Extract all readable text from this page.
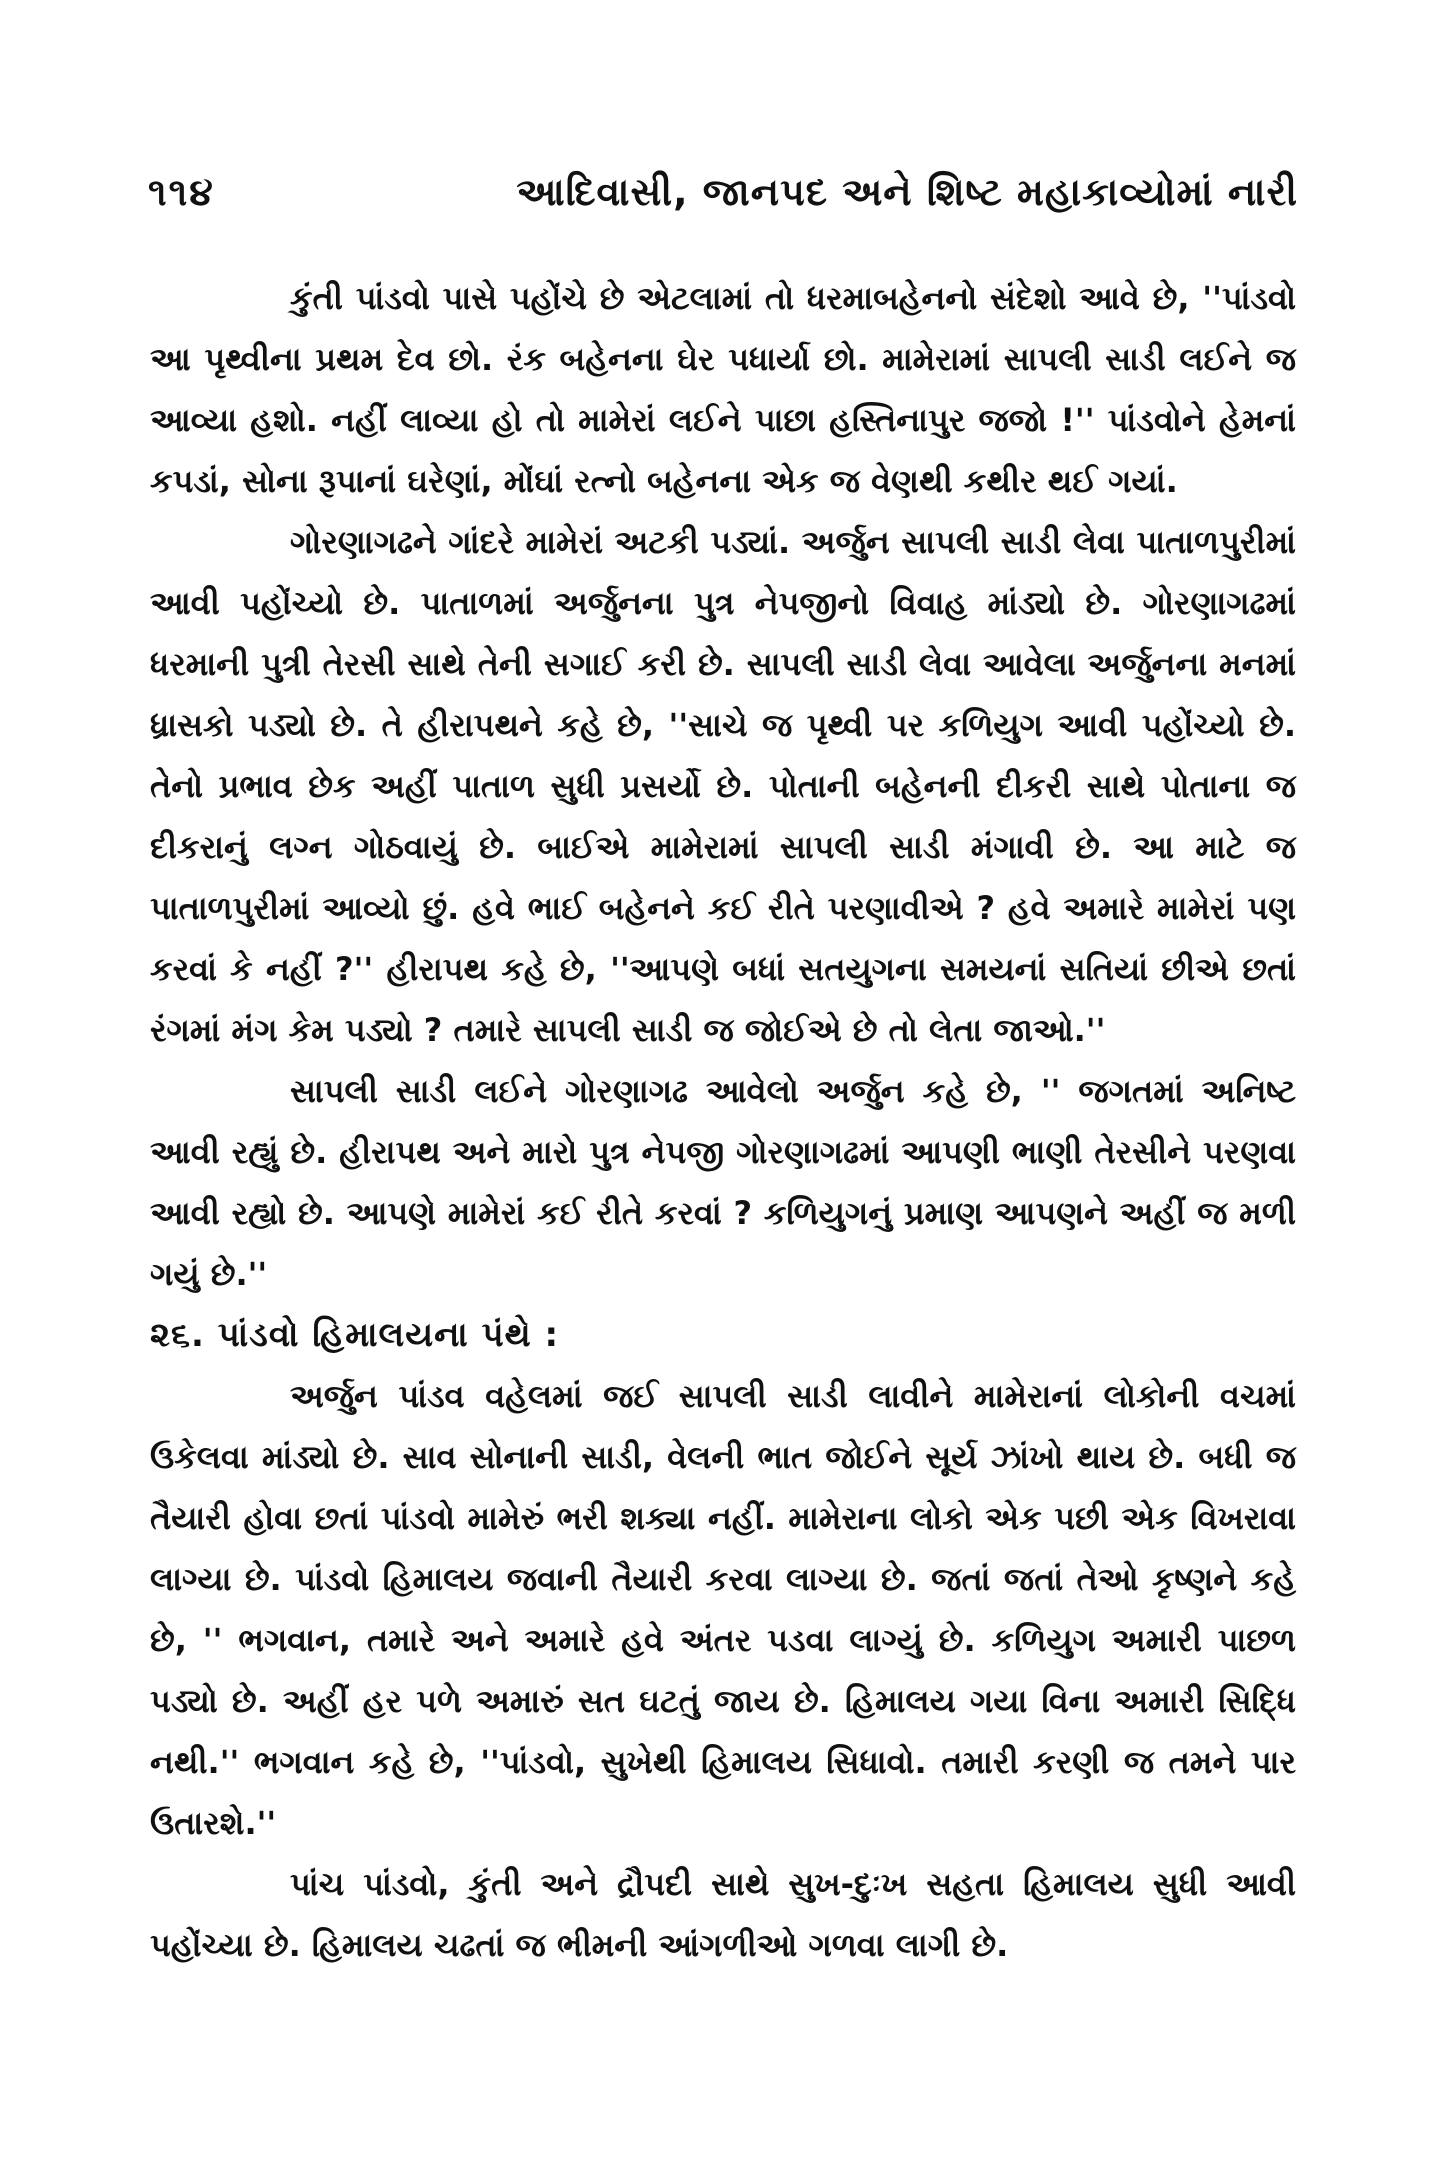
૧૧૪	આદિવાસી, જાનપદ અને શિષ્ટ મહાકાવ્યોમાં નારી

કુંતી પાંડવો પાસે પહોંચે છે એટલામાં તો ધરમાબહેનનો સંદેશો આવે છે, ''પાંડવો આ પૃથ્વીના પ્રથમ દેવ છો. રંક બહેનના ઘેર પધાર્યા છો. મામેરામાં સાપલી સાડી લઈને જ આવ્યા હશો. નહીં લાવ્યા હો તો મામેરાં લઈને પાછા હસ્તિનાપુર જજો !'' પાંડવોને હેમનાં કપડાં, સોના રૂપાનાં ઘરેણાં, મોંઘાં રત્નો બહેનના એક જ વેણથી કથીર થઈ ગયાં.

ગોરણાગઢને ગાંદરે મામેરાં અટકી પડ્યાં. અર્જુન સાપલી સાડી લેવા પાતાળપુરીમાં આવી પહોંચ્યો છે. પાતાળમાં અર્જુનના પુત્ર નેપજીનો વિવાહ માંડ્યો છે. ગોરણાગઢમાં ધરમાની પુત્રી તેરસી સાથે તેની સગાઈ કરી છે. સાપલી સાડી લેવા આવેલા અર્જુનના મનમાં ધ્રાસકો પડ્યો છે. તે હીરાપથને કહે છે, ''સાચે જ પૃથ્વી પર કળિયુગ આવી પહોંચ્યો છે. તેનો પ્રભાવ છેક અહીં પાતાળ સુધી પ્રસર્યો છે. પોતાની બહેનની દીકરી સાથે પોતાના જ દીકરાનું લગ્ન ગોઠવાયું છે. બાઈએ મામેરામાં સાપલી સાડી મંગાવી છે. આ માટે જ પાતાળપુરીમાં આવ્યો છું. હવે ભાઈ બહેનને કઈ રીતે પરણાવીએ ? હવે અમારે મામેરાં પણ કરવાં કે નહીં ?'' હીરાપથ કહે છે, ''આપણે બધાં સતયુગના સમયનાં સતિયાં છીએ છતાં રંગમાં મંગ કેમ પડ્યો ? તમારે સાપલી સાડી જ જોઈએ છે તો લેતા જાઓ.''

સાપલી સાડી લઈને ગોરણાગઢ આવેલો અર્જુન કહે છે, '' જગતમાં અનિષ્ટ આવી રહ્યું છે. હીરાપથ અને મારો પુત્ર નેપજી ગોરણાગઢમાં આપણી ભાણી તેરસીને પરણવા આવી રહ્યો છે. આપણે મામેરાં કઈ રીતે કરવાં ? કળિયુગનું પ્રમાણ આપણને અહીં જ મળી ગયું છે.''

૨૬. પાંડવો હિમાલયના પંથે :

અર્જુન પાંડવ વહેલમાં જઈ સાપલી સાડી લાવીને મામેરાનાં લોકોની વચમાં ઉકેલવા માંડ્યો છે. સાવ સોનાની સાડી, વેલની ભાત જોઈને સૂર્ય ઝાંખો થાય છે. બધી જ તૈયારી હોવા છતાં પાંડવો મામેરું ભરી શક્યા નહીં. મામેરાના લોકો એક પછી એક વિખરાવા લાગ્યા છે. પાંડવો હિમાલય જવાની તૈયારી કરવા લાગ્યા છે. જતાં જતાં તેઓ કૃષ્ણને કહે છે, '' ભગવાન, તમારે અને અમારે હવે અંતર પડવા લાગ્યું છે. કળિયુગ અમારી પાછળ પડ્યો છે. અહીં હર પળે અમારું સત ઘટતું જાય છે. હિમાલય ગયા વિના અમારી સિદ્ધિ નથી.'' ભગવાન કહે છે, ''પાંડવો, સુખેથી હિમાલય સિધાવો. તમારી કરણી જ તમને પાર ઉતારશે.''

પાંચ પાંડવો, કુંતી અને દ્રૌપદી સાથે સુખ-દુઃખ સહતા હિમાલય સુધી આવી પહોંચ્યા છે. હિમાલય ચઢતાં જ ભીમની આંગળીઓ ગળવા લાગી છે.
